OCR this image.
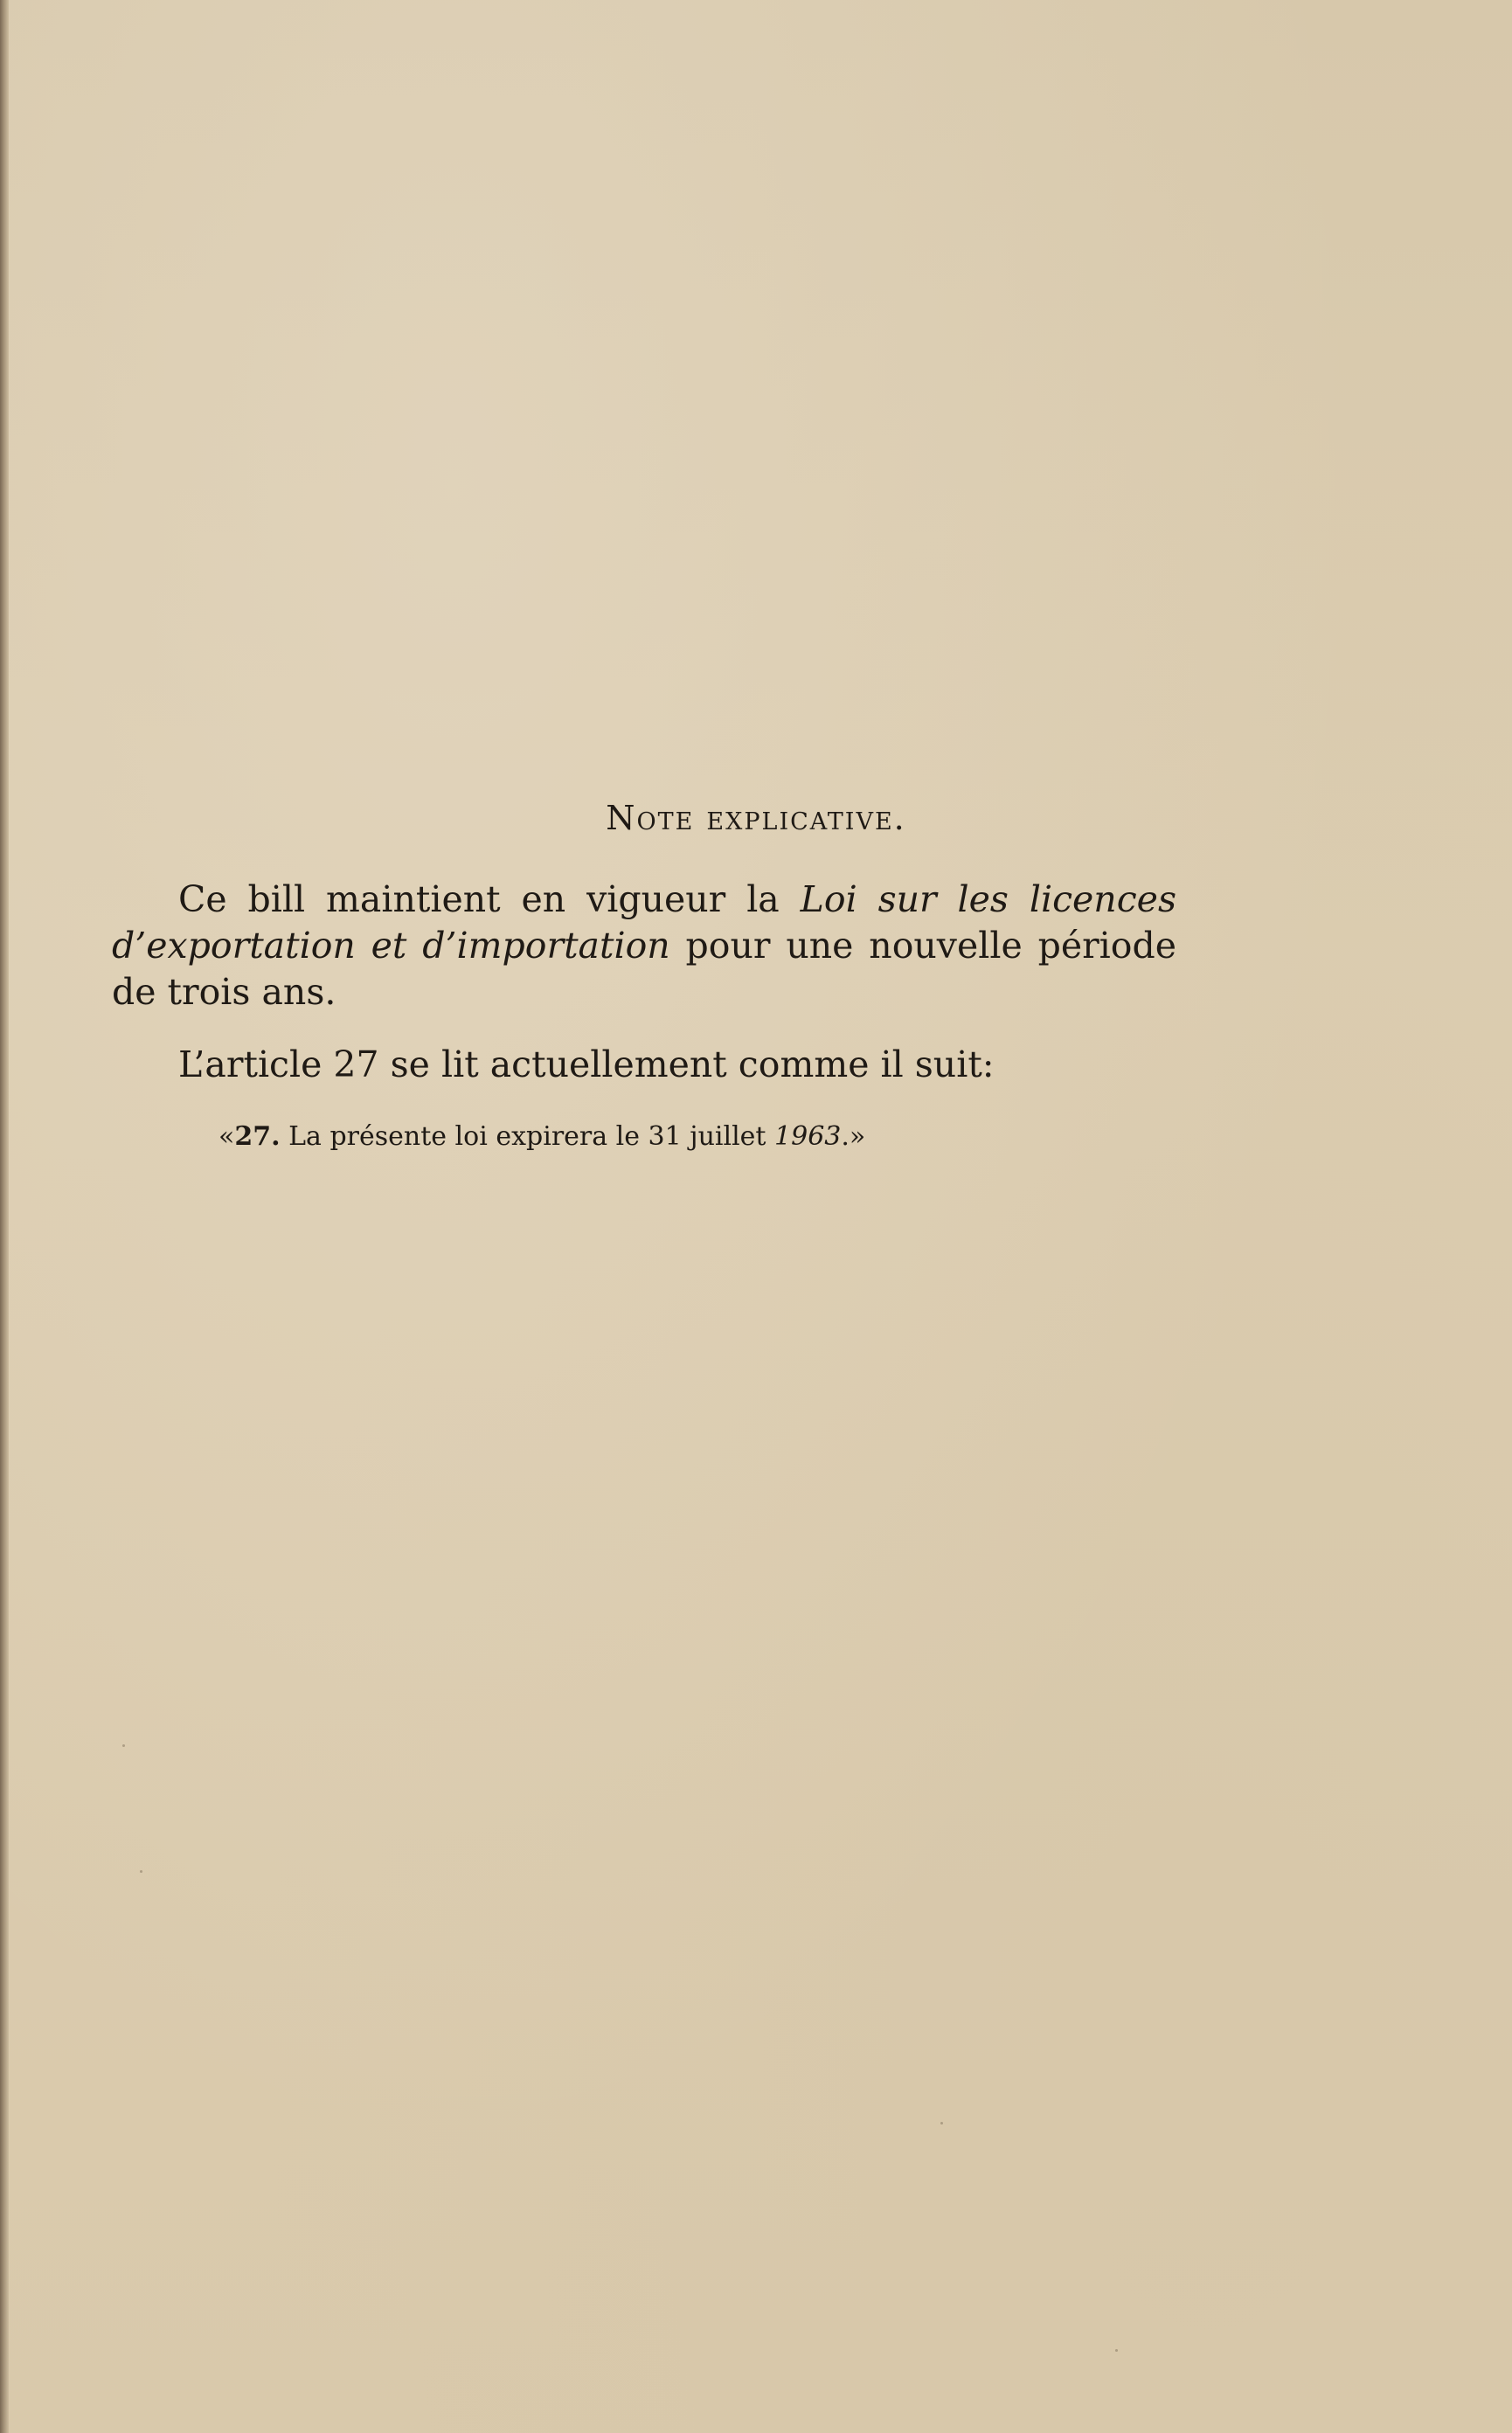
Note explicative.
Ce bill maintient en vigueur la Loi sur les licences d’exportation et d’importation pour une nouvelle période de trois ans.
L’article 27 se lit actuellement comme il suit:
«27. La présente loi expirera le 31 juillet 1963.»
